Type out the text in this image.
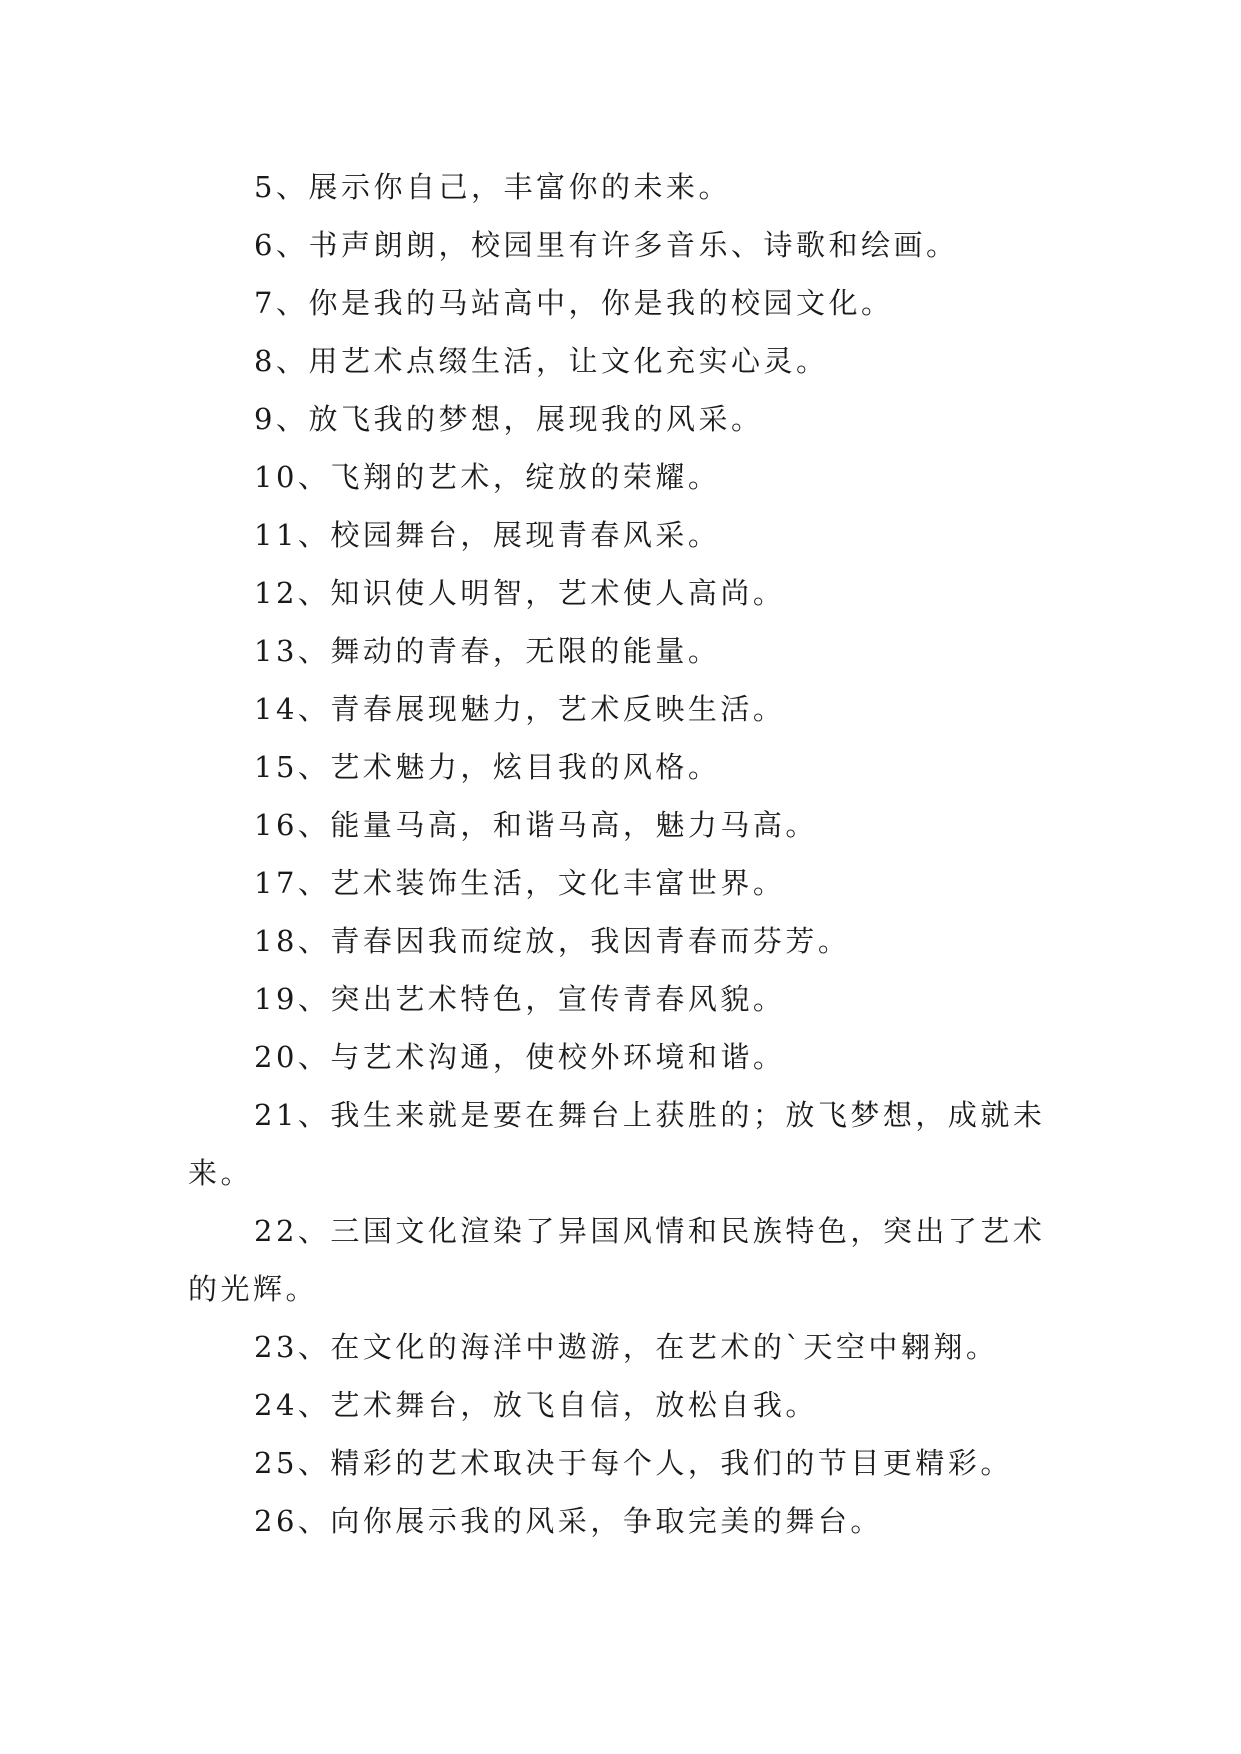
5、展示你自己，丰富你的未来。

6、书声朗朗，校园里有许多音乐、诗歌和绘画。

7、你是我的马站高中，你是我的校园文化。

8、用艺术点缀生活，让文化充实心灵。

9、放飞我的梦想，展现我的风采。

10、飞翔的艺术，绽放的荣耀。

11、校园舞台，展现青春风采。

12、知识使人明智，艺术使人高尚。

13、舞动的青春，无限的能量。

14、青春展现魅力，艺术反映生活。

15、艺术魅力，炫目我的风格。

16、能量马高，和谐马高，魅力马高。

17、艺术装饰生活，文化丰富世界。

18、青春因我而绽放，我因青春而芬芳。

19、突出艺术特色，宣传青春风貌。

20、与艺术沟通，使校外环境和谐。

21、我生来就是要在舞台上获胜的；放飞梦想，成就未来。

22、三国文化渲染了异国风情和民族特色，突出了艺术的光辉。

23、在文化的海洋中遨游，在艺术的`天空中翱翔。

24、艺术舞台，放飞自信，放松自我。

25、精彩的艺术取决于每个人，我们的节目更精彩。

26、向你展示我的风采，争取完美的舞台。
